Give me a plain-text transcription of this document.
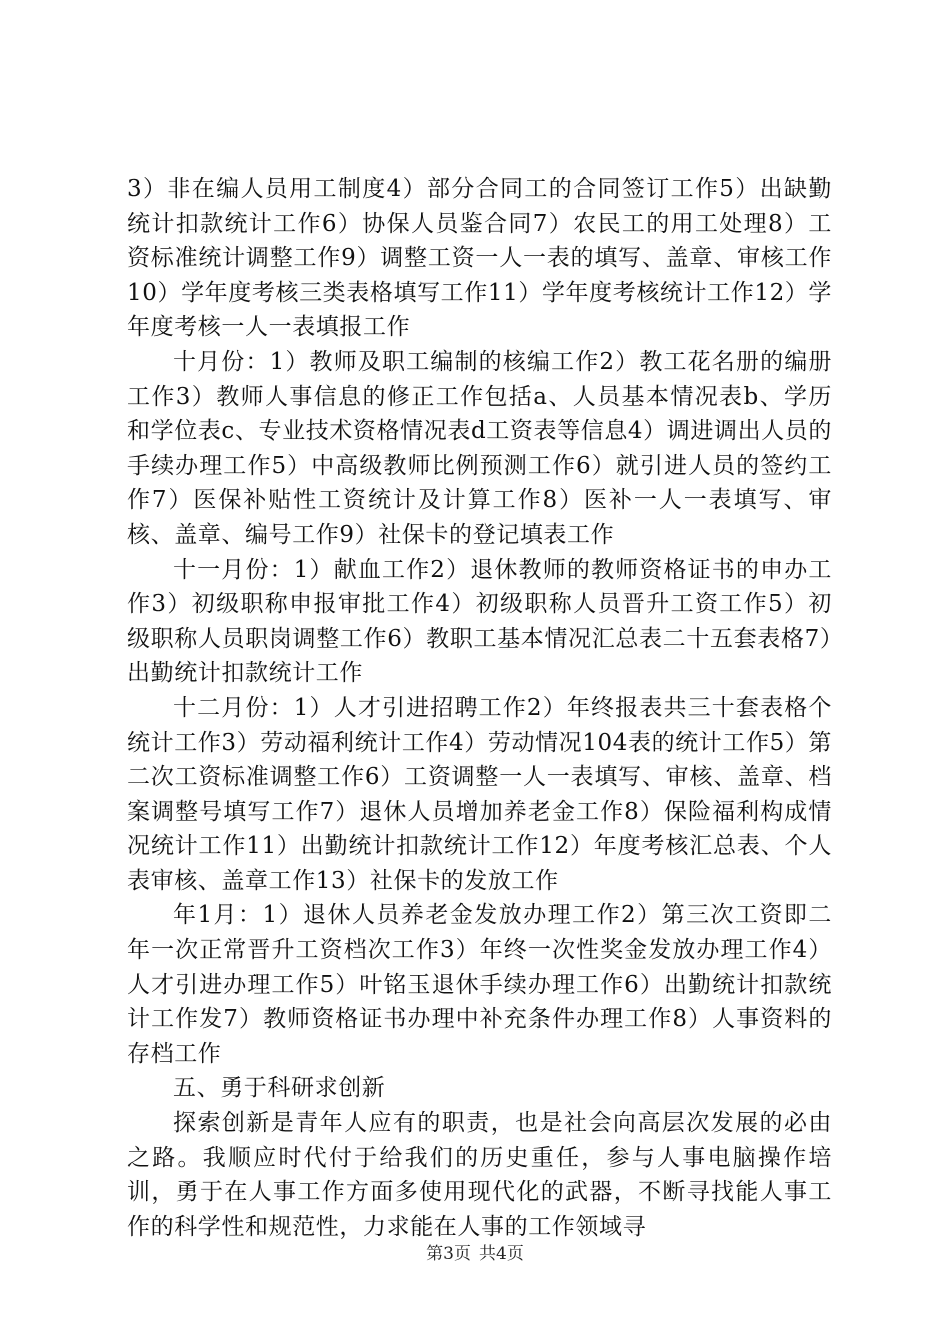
3）非在编人员用工制度4）部分合同工的合同签订工作5）出缺勤统计扣款统计工作6）协保人员鉴合同7）农民工的用工处理8）工资标准统计调整工作9）调整工资一人一表的填写、盖章、审核工作10）学年度考核三类表格填写工作11）学年度考核统计工作12）学年度考核一人一表填报工作

十月份：1）教师及职工编制的核编工作2）教工花名册的编册工作3）教师人事信息的修正工作包括a、人员基本情况表b、学历和学位表c、专业技术资格情况表d工资表等信息4）调进调出人员的手续办理工作5）中高级教师比例预测工作6）就引进人员的签约工作7）医保补贴性工资统计及计算工作8）医补一人一表填写、审核、盖章、编号工作9）社保卡的登记填表工作

十一月份：1）献血工作2）退休教师的教师资格证书的申办工作3）初级职称申报审批工作4）初级职称人员晋升工资工作5）初级职称人员职岗调整工作6）教职工基本情况汇总表二十五套表格7）出勤统计扣款统计工作

十二月份：1）人才引进招聘工作2）年终报表共三十套表格个统计工作3）劳动福利统计工作4）劳动情况104表的统计工作5）第二次工资标准调整工作6）工资调整一人一表填写、审核、盖章、档案调整号填写工作7）退休人员增加养老金工作8）保险福利构成情况统计工作11）出勤统计扣款统计工作12）年度考核汇总表、个人表审核、盖章工作13）社保卡的发放工作

年1月：1）退休人员养老金发放办理工作2）第三次工资即二年一次正常晋升工资档次工作3）年终一次性奖金发放办理工作4）人才引进办理工作5）叶铭玉退休手续办理工作6）出勤统计扣款统计工作发7）教师资格证书办理中补充条件办理工作8）人事资料的存档工作

五、勇于科研求创新

探索创新是青年人应有的职责，也是社会向高层次发展的必由之路。我顺应时代付于给我们的历史重任，参与人事电脑操作培训，勇于在人事工作方面多使用现代化的武器，不断寻找能人事工作的科学性和规范性，力求能在人事的工作领域寻

第3页 共4页
